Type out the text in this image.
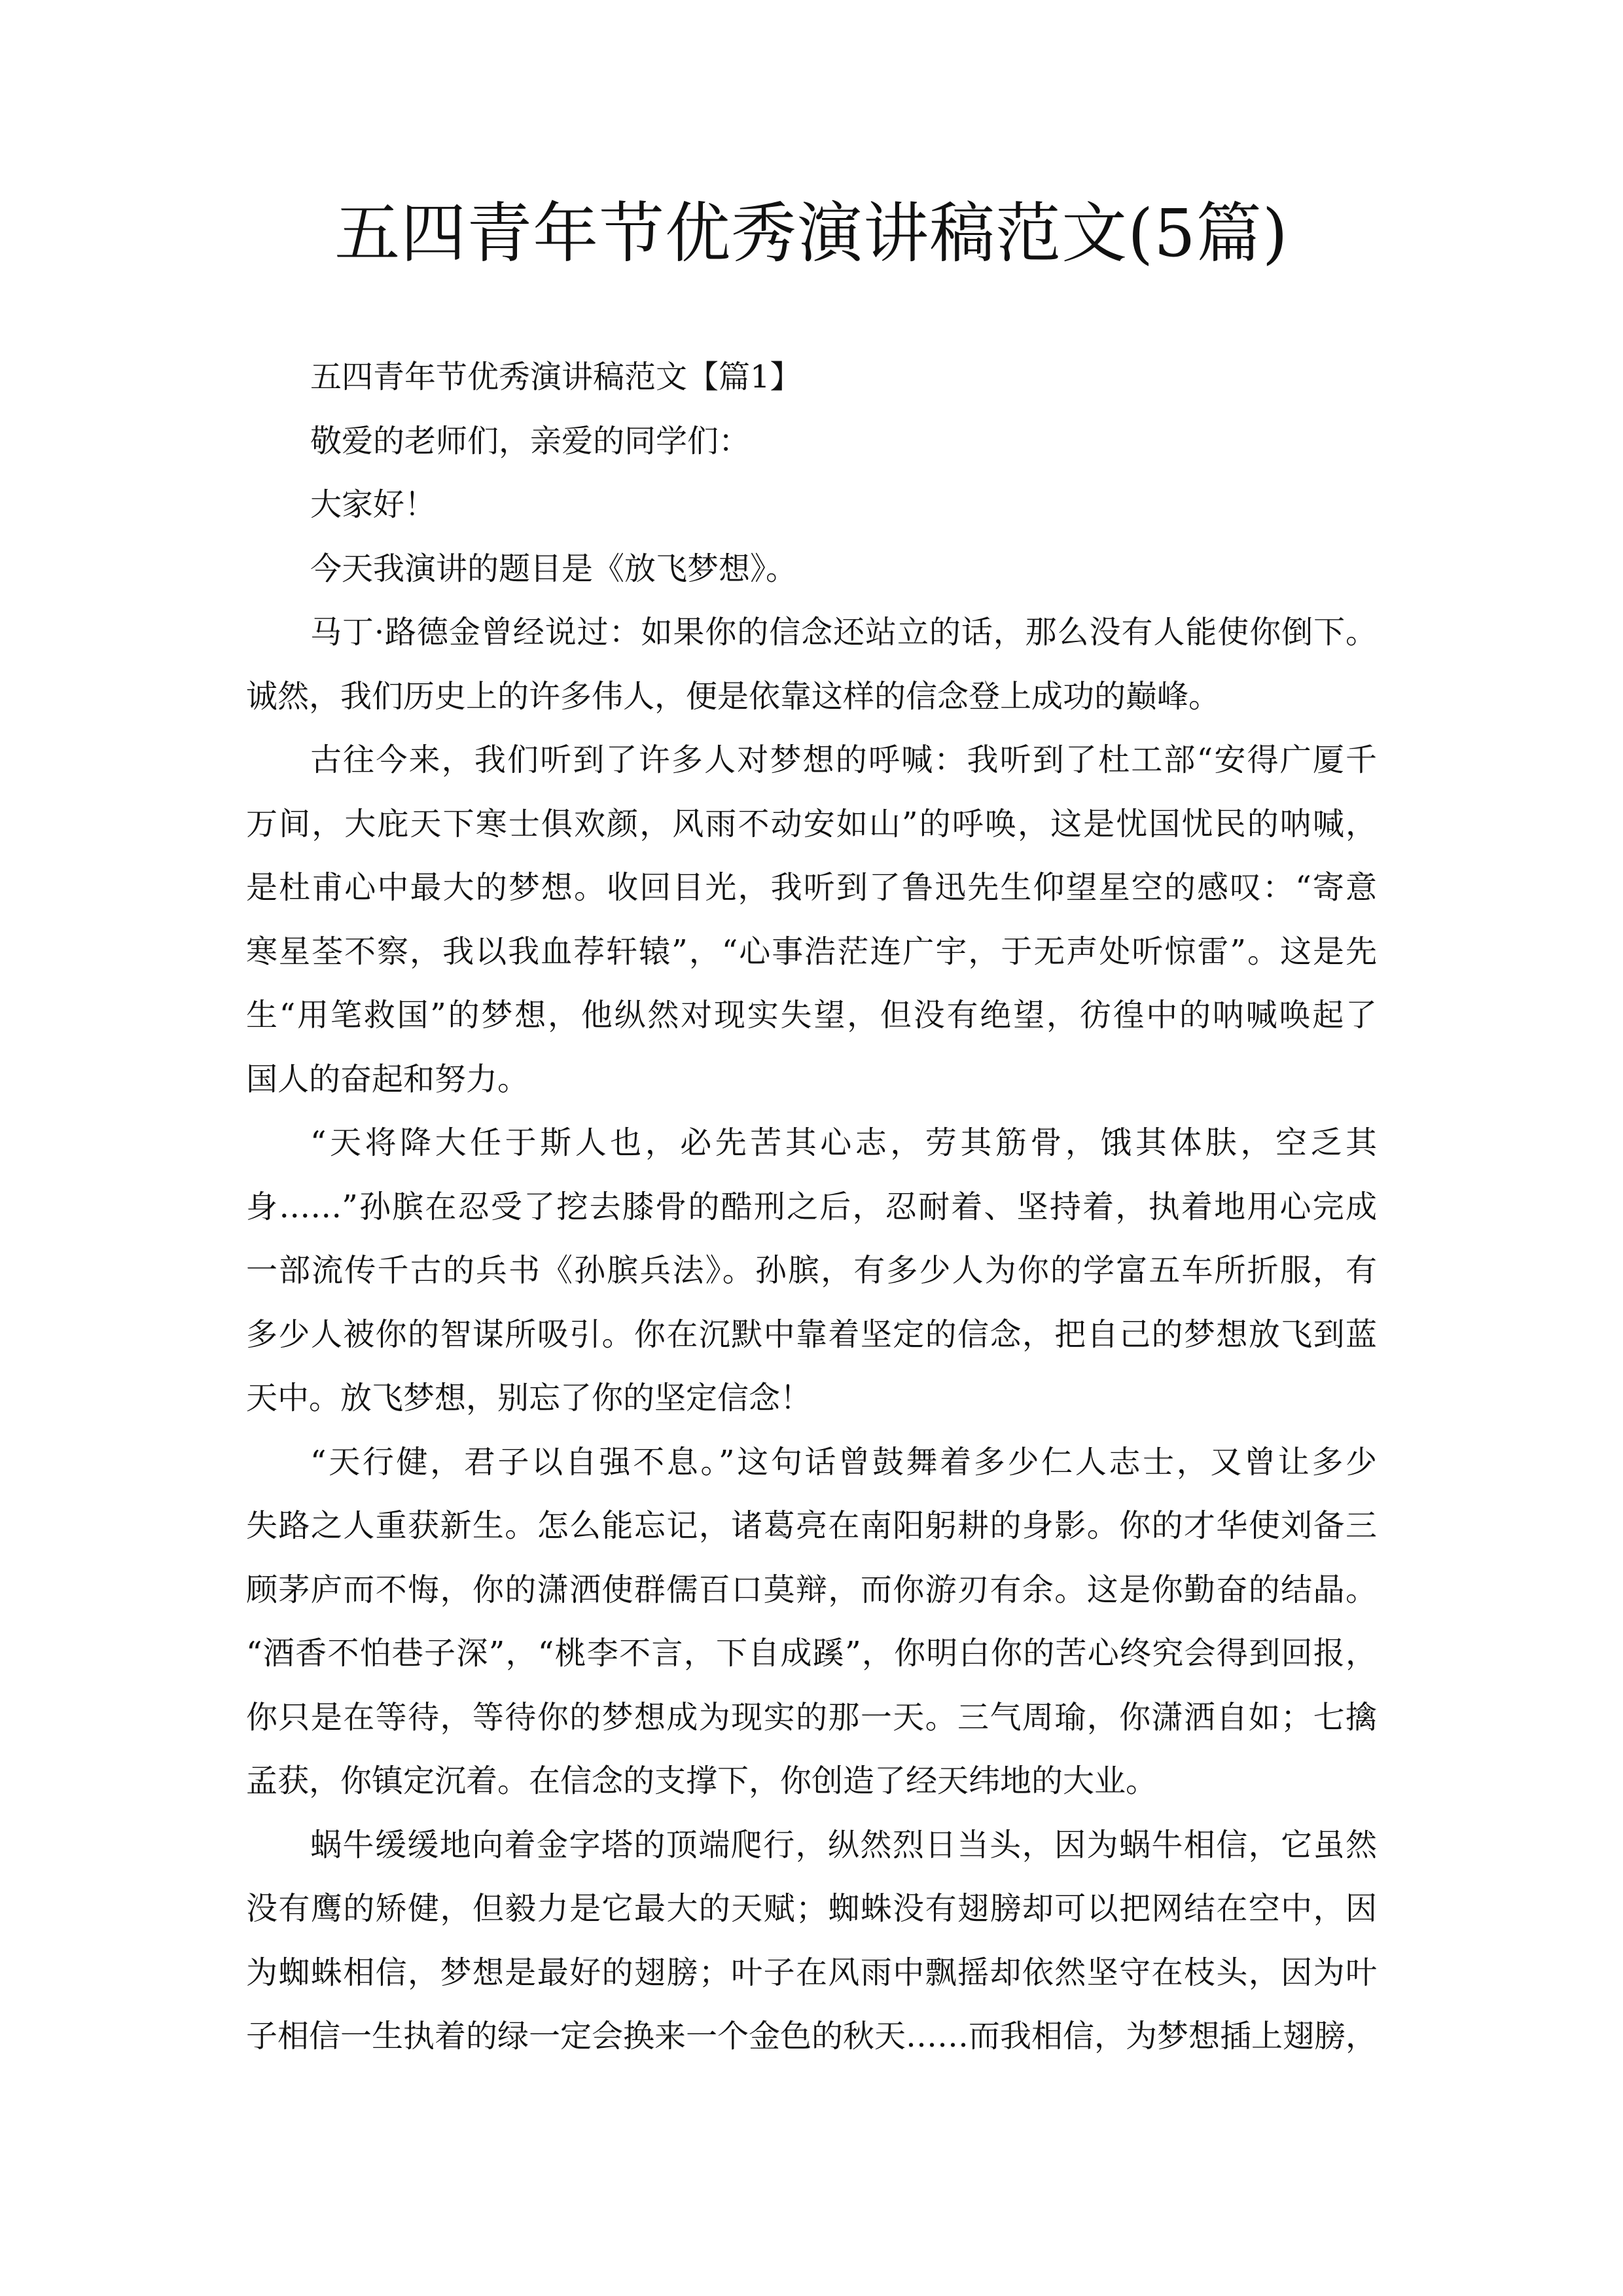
五四青年节优秀演讲稿范文(5篇)
五四青年节优秀演讲稿范文【篇1】
敬爱的老师们，亲爱的同学们：
大家好！
今天我演讲的题目是《放飞梦想》。
马丁·路德金曾经说过：如果你的信念还站立的话，那么没有人能使你倒下。
诚然，我们历史上的许多伟人，便是依靠这样的信念登上成功的巅峰。
古往今来，我们听到了许多人对梦想的呼喊：我听到了杜工部“安得广厦千
万间，大庇天下寒士俱欢颜，风雨不动安如山”的呼唤，这是忧国忧民的呐喊，
是杜甫心中最大的梦想。收回目光，我听到了鲁迅先生仰望星空的感叹：“寄意
寒星荃不察，我以我血荐轩辕”，“心事浩茫连广宇，于无声处听惊雷”。这是先
生“用笔救国”的梦想，他纵然对现实失望，但没有绝望，彷徨中的呐喊唤起了
国人的奋起和努力。
“天将降大任于斯人也，必先苦其心志，劳其筋骨，饿其体肤，空乏其
身……”孙膑在忍受了挖去膝骨的酷刑之后，忍耐着、坚持着，执着地用心完成
一部流传千古的兵书《孙膑兵法》。孙膑，有多少人为你的学富五车所折服，有
多少人被你的智谋所吸引。你在沉默中靠着坚定的信念，把自己的梦想放飞到蓝
天中。放飞梦想，别忘了你的坚定信念！
“天行健，君子以自强不息。”这句话曾鼓舞着多少仁人志士，又曾让多少
失路之人重获新生。怎么能忘记，诸葛亮在南阳躬耕的身影。你的才华使刘备三
顾茅庐而不悔，你的潇洒使群儒百口莫辩，而你游刃有余。这是你勤奋的结晶。
“酒香不怕巷子深”，“桃李不言，下自成蹊”，你明白你的苦心终究会得到回报，
你只是在等待，等待你的梦想成为现实的那一天。三气周瑜，你潇洒自如；七擒
孟获，你镇定沉着。在信念的支撑下，你创造了经天纬地的大业。
蜗牛缓缓地向着金字塔的顶端爬行，纵然烈日当头，因为蜗牛相信，它虽然
没有鹰的矫健，但毅力是它最大的天赋；蜘蛛没有翅膀却可以把网结在空中，因
为蜘蛛相信，梦想是最好的翅膀；叶子在风雨中飘摇却依然坚守在枝头，因为叶
子相信一生执着的绿一定会换来一个金色的秋天……而我相信，为梦想插上翅膀，
